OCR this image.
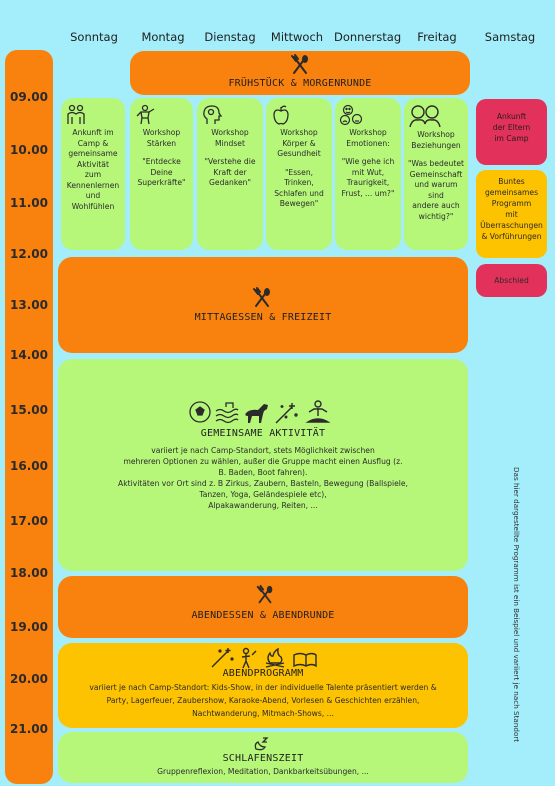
Sonntag	Montag	Dienstag	Mittwoch Donnerstag	Freitag	Samstag
09.00
10.00
11.00
12.00
13.00
14.00
15.00
16.00
17.00
18.00
19.00
20.00
21.00
FRÜHSTÜCK & MORGENRUNDE
Ankunft im
Camp &
gemeinsame
Aktivität
zum
Kennenlernen
und
Wohlfühlen
Workshop
Stärken
"Entdecke
Deine
Superkräfte"
Workshop
Mindset
"Verstehe die
Kraft der
Gedanken"
Workshop
Körper &
Gesundheit
"Essen,
Trinken,
Schlafen und
Bewegen"
Workshop
Emotionen:
"Wie gehe ich
mit Wut,
Traurigkeit,
Frust, ... um?"
Workshop
Beziehungen
"Was bedeutet
Gemeinschaft
und warum
sind
andere auch
wichtig?"
Ankunft
der Eltern
im Camp
Buntes
gemeinsames
Programm
mit
Überraschungen
& Vorführungen
Abschied
MITTAGESSEN & FREIZEIT
GEMEINSAME AKTIVITÄT
variiert je nach Camp-Standort, stets Möglichkeit zwischen
mehreren Optionen zu wählen, außer die Gruppe macht einen Ausflug (z.
B. Baden, Boot fahren).
Aktivitäten vor Ort sind z. B Zirkus, Zaubern, Basteln, Bewegung (Ballspiele,
Tanzen, Yoga, Geländespiele etc),
Alpakawanderung, Reiten, ...
ABENDESSEN & ABENDRUNDE
ABENDPROGRAMM
variiert je nach Camp-Standort: Kids-Show, in der individuelle Talente präsentiert werden &
Party, Lagerfeuer, Zaubershow, Karaoke-Abend, Vorlesen & Geschichten erzählen,
Nachtwanderung, Mitmach-Shows, ...
SCHLAFENSZEIT
Gruppenreflexion, Meditation, Dankbarkeitsübungen, ...
Das hier dargestellte Programm ist ein Beispiel und variiert je nach Standort
